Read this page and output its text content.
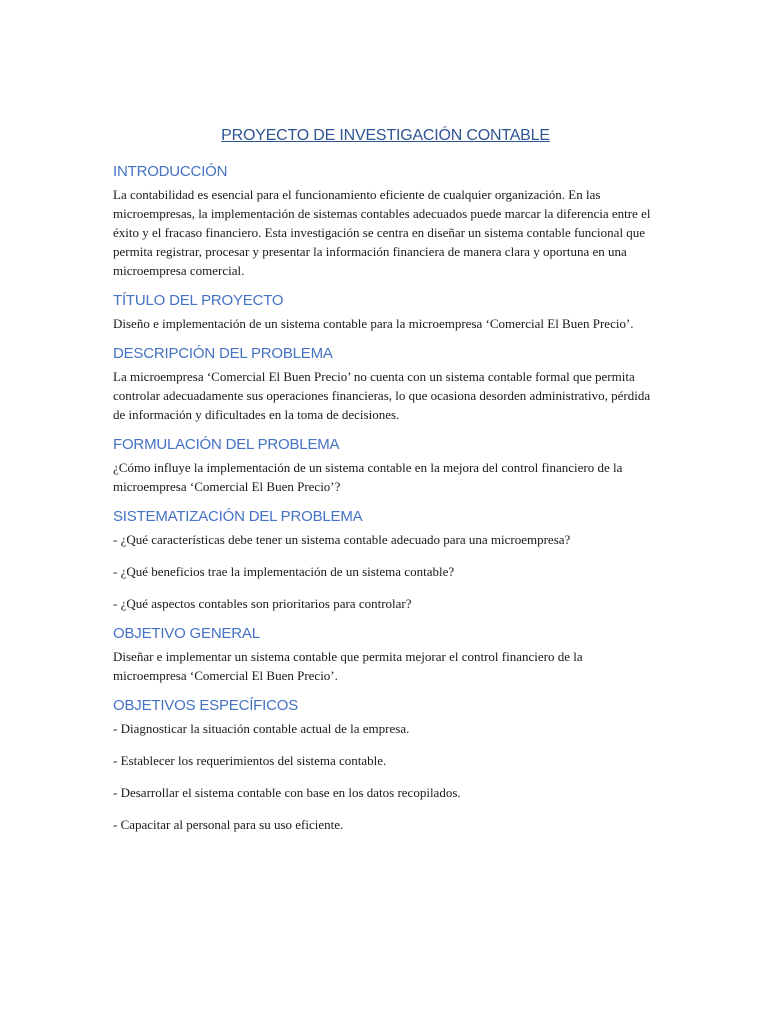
PROYECTO DE INVESTIGACIÓN CONTABLE
INTRODUCCIÓN

La contabilidad es esencial para el funcionamiento eficiente de cualquier organización. En las microempresas, la implementación de sistemas contables adecuados puede marcar la diferencia entre el éxito y el fracaso financiero. Esta investigación se centra en diseñar un sistema contable funcional que permita registrar, procesar y presentar la información financiera de manera clara y oportuna en una microempresa comercial.

TÍTULO DEL PROYECTO

Diseño e implementación de un sistema contable para la microempresa ‘Comercial El Buen Precio’.

DESCRIPCIÓN DEL PROBLEMA

La microempresa ‘Comercial El Buen Precio’ no cuenta con un sistema contable formal que permita controlar adecuadamente sus operaciones financieras, lo que ocasiona desorden administrativo, pérdida de información y dificultades en la toma de decisiones.

FORMULACIÓN DEL PROBLEMA

¿Cómo influye la implementación de un sistema contable en la mejora del control financiero de la microempresa ‘Comercial El Buen Precio’?

SISTEMATIZACIÓN DEL PROBLEMA

- ¿Qué características debe tener un sistema contable adecuado para una microempresa?

- ¿Qué beneficios trae la implementación de un sistema contable?

- ¿Qué aspectos contables son prioritarios para controlar?

OBJETIVO GENERAL

Diseñar e implementar un sistema contable que permita mejorar el control financiero de la microempresa ‘Comercial El Buen Precio’.

OBJETIVOS ESPECÍFICOS

- Diagnosticar la situación contable actual de la empresa.

- Establecer los requerimientos del sistema contable.

- Desarrollar el sistema contable con base en los datos recopilados.

- Capacitar al personal para su uso eficiente.
